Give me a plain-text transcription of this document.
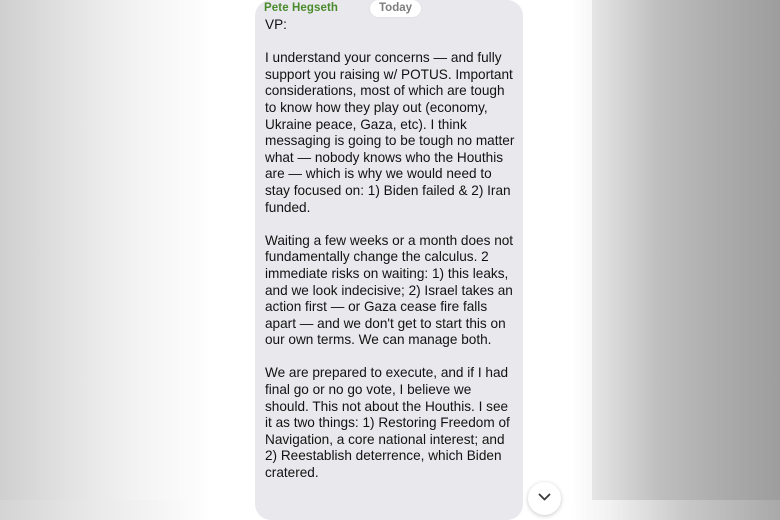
Pete Hegseth	Today
VP:

I understand your concerns — and fully support you raising w/ POTUS. Important considerations, most of which are tough to know how they play out (economy, Ukraine peace, Gaza, etc). I think messaging is going to be tough no matter what — nobody knows who the Houthis are — which is why we would need to stay focused on: 1) Biden failed & 2) Iran funded.

Waiting a few weeks or a month does not fundamentally change the calculus. 2 immediate risks on waiting: 1) this leaks, and we look indecisive; 2) Israel takes an action first — or Gaza cease fire falls apart — and we don't get to start this on our own terms. We can manage both.

We are prepared to execute, and if I had final go or no go vote, I believe we should. This not about the Houthis. I see it as two things: 1) Restoring Freedom of Navigation, a core national interest; and 2) Reestablish deterrence, which Biden cratered.
